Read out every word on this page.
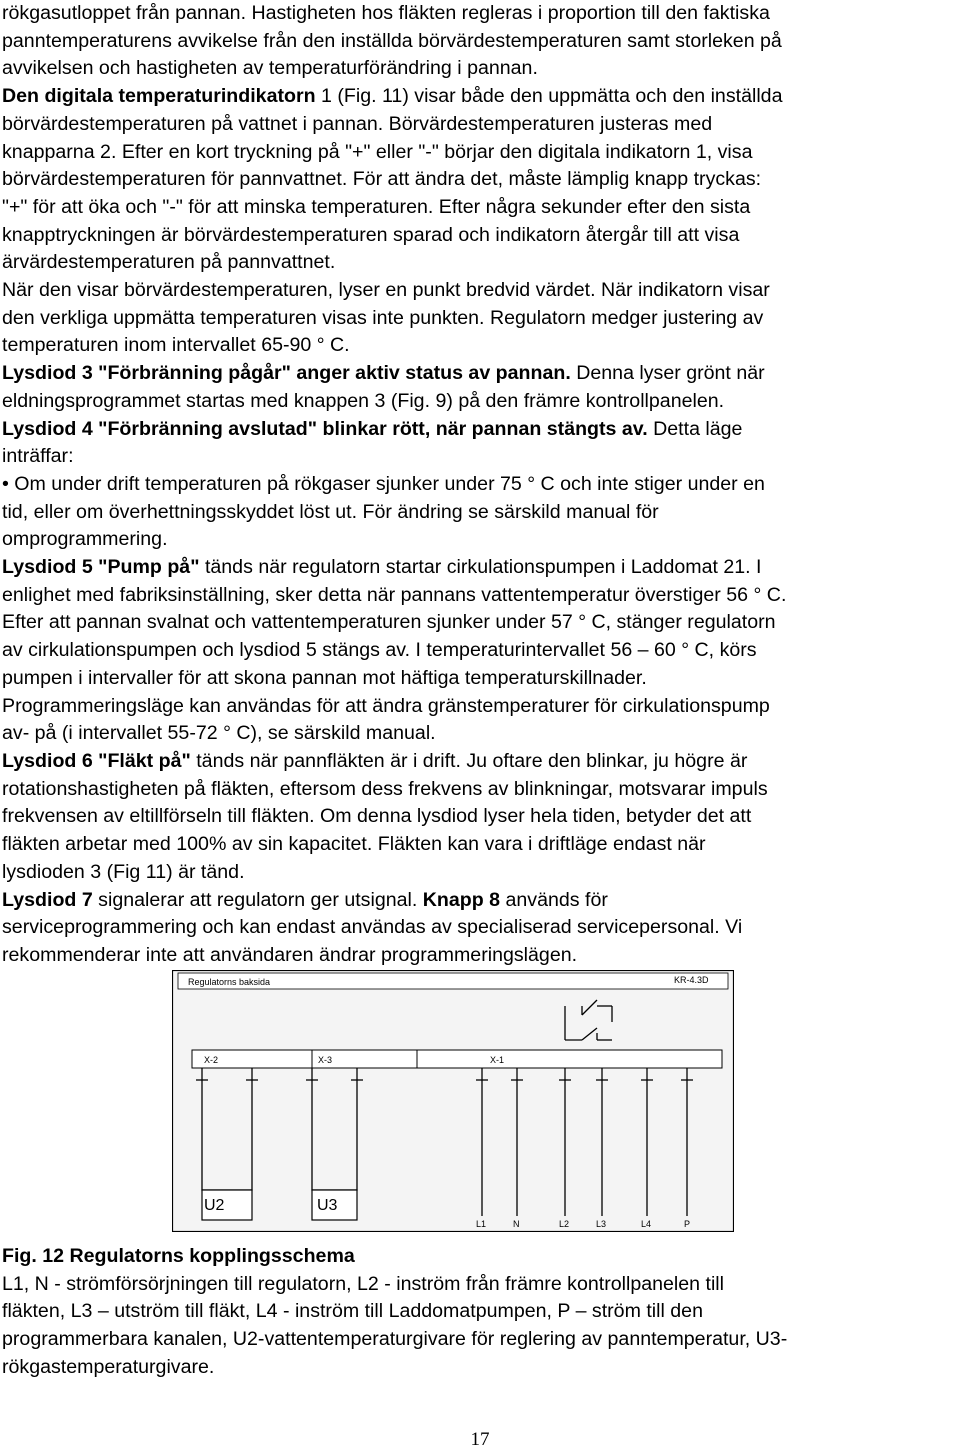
rökgasutloppet från pannan. Hastigheten hos fläkten regleras i proportion till den faktiska

panntemperaturens avvikelse från den inställda börvärdestemperaturen samt storleken på

avvikelsen och hastigheten av temperaturförändring i pannan.

Den digitala temperaturindikatorn 1 (Fig. 11) visar både den uppmätta och den inställda

börvärdestemperaturen på vattnet i pannan. Börvärdestemperaturen justeras med

knapparna 2. Efter en kort tryckning på "+" eller "-" börjar den digitala indikatorn 1, visa

börvärdestemperaturen för pannvattnet. För att ändra det, måste lämplig knapp tryckas:

"+" för att öka och "-" för att minska temperaturen. Efter några sekunder efter den sista

knapptryckningen är börvärdestemperaturen sparad och indikatorn återgår till att visa

ärvärdestemperaturen på pannvattnet.

När den visar börvärdestemperaturen, lyser en punkt bredvid värdet. När indikatorn visar

den verkliga uppmätta temperaturen visas inte punkten. Regulatorn medger justering av

temperaturen inom intervallet 65-90 ° C.

Lysdiod 3 "Förbränning pågår" anger aktiv status av pannan. Denna lyser grönt när

eldningsprogrammet startas med knappen 3 (Fig. 9) på den främre kontrollpanelen.

Lysdiod 4 "Förbränning avslutad" blinkar rött, när pannan stängts av. Detta läge

inträffar:

• Om under drift temperaturen på rökgaser sjunker under 75 ° C och inte stiger under en

tid, eller om överhettningsskyddet löst ut. För ändring se särskild manual för

omprogrammering.

Lysdiod 5 "Pump på" tänds när regulatorn startar cirkulationspumpen i Laddomat 21. I

enlighet med fabriksinställning, sker detta när pannans vattentemperatur överstiger 56 ° C.

Efter att pannan svalnat och vattentemperaturen sjunker under 57 ° C, stänger regulatorn

av cirkulationspumpen och lysdiod 5 stängs av. I temperaturintervallet 56 – 60 ° C, körs

pumpen i intervaller för att skona pannan mot häftiga temperaturskillnader.

Programmeringsläge kan användas för att ändra gränstemperaturer för cirkulationspump

av- på (i intervallet 55-72 ° C), se särskild manual.

Lysdiod 6 "Fläkt på" tänds när pannfläkten är i drift. Ju oftare den blinkar, ju högre är

rotationshastigheten på fläkten, eftersom dess frekvens av blinkningar, motsvarar impuls

frekvensen av eltillförseln till fläkten. Om denna lysdiod lyser hela tiden, betyder det att

fläkten arbetar med 100% av sin kapacitet. Fläkten kan vara i driftläge endast när

lysdioden 3 (Fig 11) är tänd.

Lysdiod 7 signalerar att regulatorn ger utsignal. Knapp 8 används för

serviceprogrammering och kan endast användas av specialiserad servicepersonal. Vi

rekommenderar inte att användaren ändrar programmeringslägen.

Regulatorns baksida	KR-4.3D
X-2	X-3	X-1
U2	U3
L1	N	L2	L3	L4	P

Fig. 12 Regulatorns kopplingsschema

L1, N - strömförsörjningen till regulatorn, L2 - inström från främre kontrollpanelen till

fläkten, L3 – utström till fläkt, L4 - inström till Laddomatpumpen, P – ström till den

programmerbara kanalen, U2-vattentemperaturgivare för reglering av panntemperatur, U3-

rökgastemperaturgivare.

17
